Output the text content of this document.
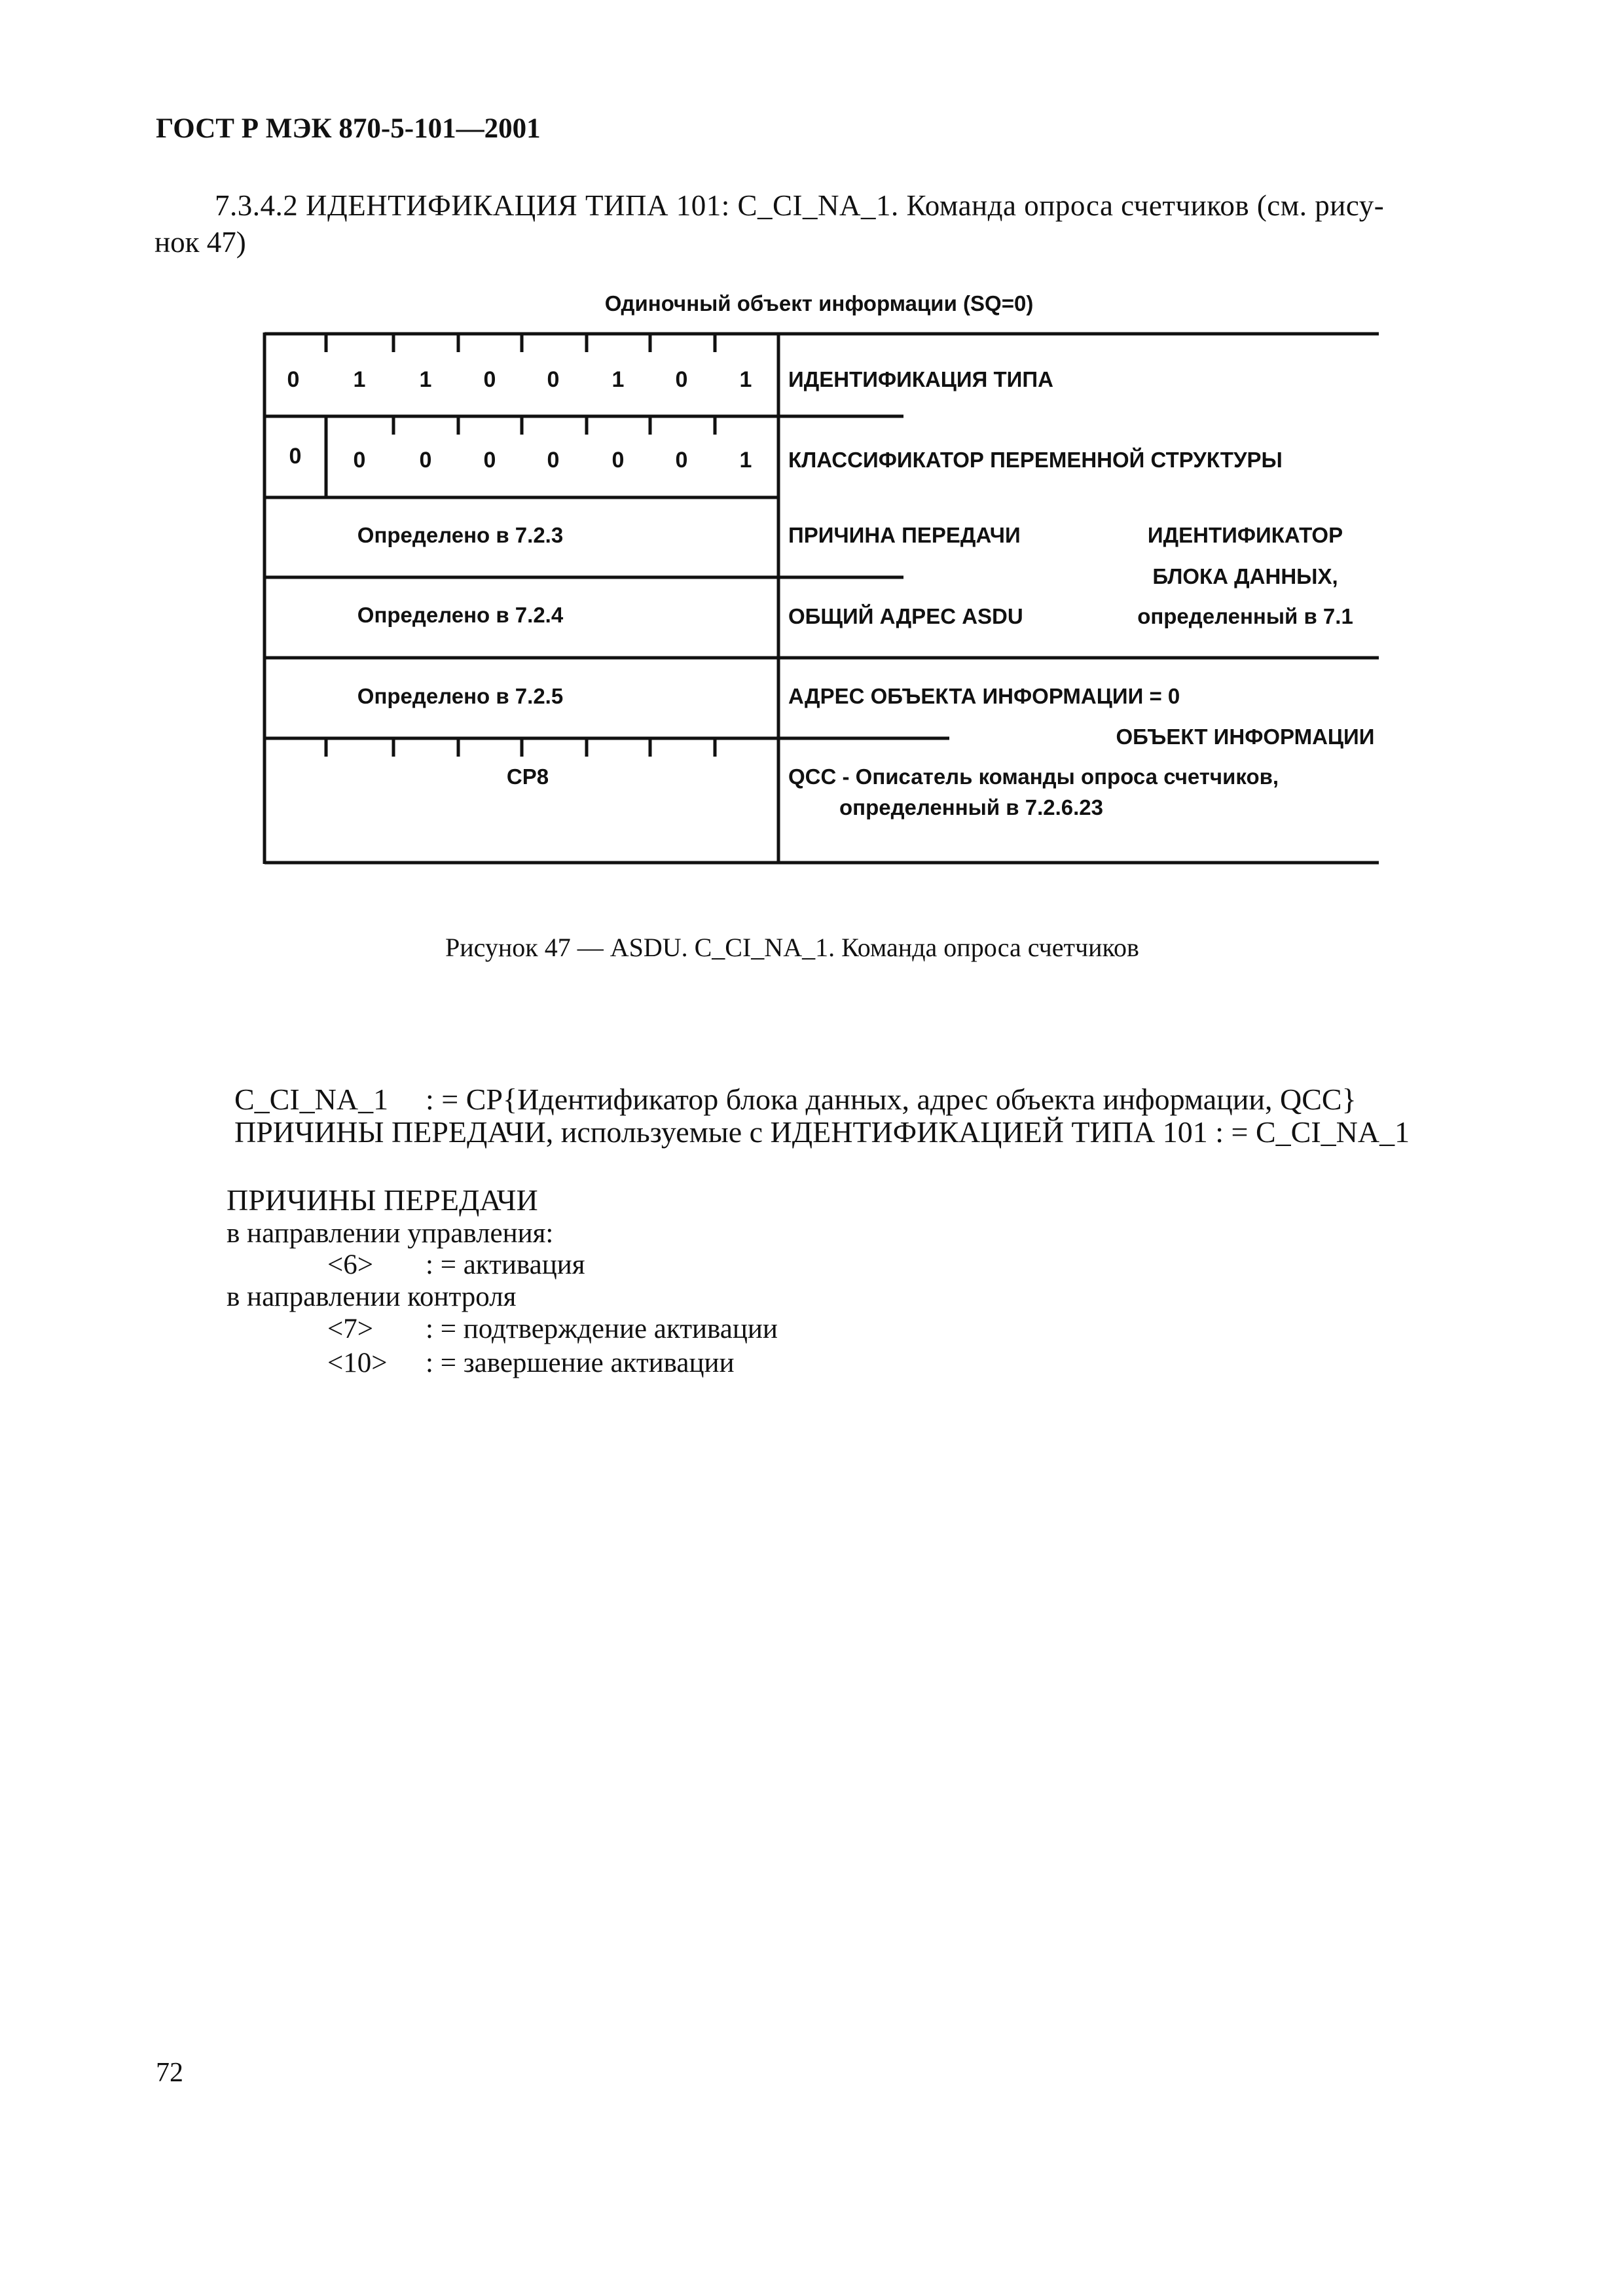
ГОСТ Р МЭК 870-5-101—2001
7.3.4.2 ИДЕНТИФИКАЦИЯ ТИПА 101: C_CI_NA_1. Команда опроса счетчиков (см. рису-
нок 47)
Одиночный объект информации (SQ=0)
0 1 1 0 0 1 0 1 ИДЕНТИФИКАЦИЯ ТИПА
0 0 0 0 0 0 0 1 КЛАССИФИКАТОР ПЕРЕМЕННОЙ СТРУКТУРЫ
Определено в 7.2.3	ПРИЧИНА ПЕРЕДАЧИ	ИДЕНТИФИКАТОР
БЛОКА ДАННЫХ,
определенный в 7.1
Определено в 7.2.4	ОБЩИЙ АДРЕС ASDU
Определено в 7.2.5	АДРЕС ОБЪЕКТА ИНФОРМАЦИИ = 0
ОБЪЕКТ ИНФОРМАЦИИ
CP8	QCC - Описатель команды опроса счетчиков,
определенный в 7.2.6.23
Рисунок 47 — ASDU. C_CI_NA_1. Команда опроса счетчиков
C_CI_NA_1 : = CP{Идентификатор блока данных, адрес объекта информации, QCC}
ПРИЧИНЫ ПЕРЕДАЧИ, используемые с ИДЕНТИФИКАЦИЕЙ ТИПА 101 : = C_CI_NA_1
ПРИЧИНЫ ПЕРЕДАЧИ
в направлении управления:
<6> : = активация
в направлении контроля
<7> : = подтверждение активации
<10> : = завершение активации
72
